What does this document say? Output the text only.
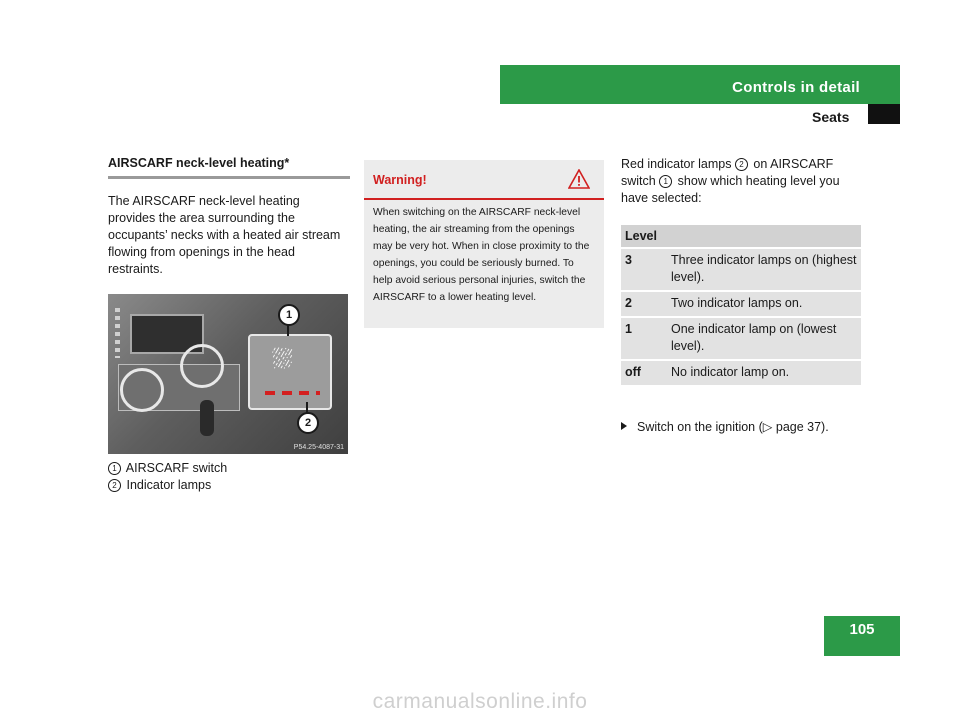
Controls in detail
Seats
AIRSCARF neck-level heating*
The AIRSCARF neck-level heating provides the area surrounding the occupants’ necks with a heated air stream flowing from openings in the head restraints.
⛆
1
2
P54.25-4087-31
1 AIRSCARF switch
2 Indicator lamps
Warning!
When switching on the AIRSCARF neck-level heating, the air streaming from the openings may be very hot. When in close proximity to the openings, you could be seriously burned. To help avoid serious personal injuries, switch the AIRSCARF to a lower heating level.
Red indicator lamps 2 on AIRSCARF switch 1 show which heating level you have selected:
Level	
3	Three indicator lamps on (highest level).
2	Two indicator lamps on.
1	One indicator lamp on (lowest level).
off	No indicator lamp on.
Switch on the ignition (▷ page 37).
105
carmanualsonline.info
